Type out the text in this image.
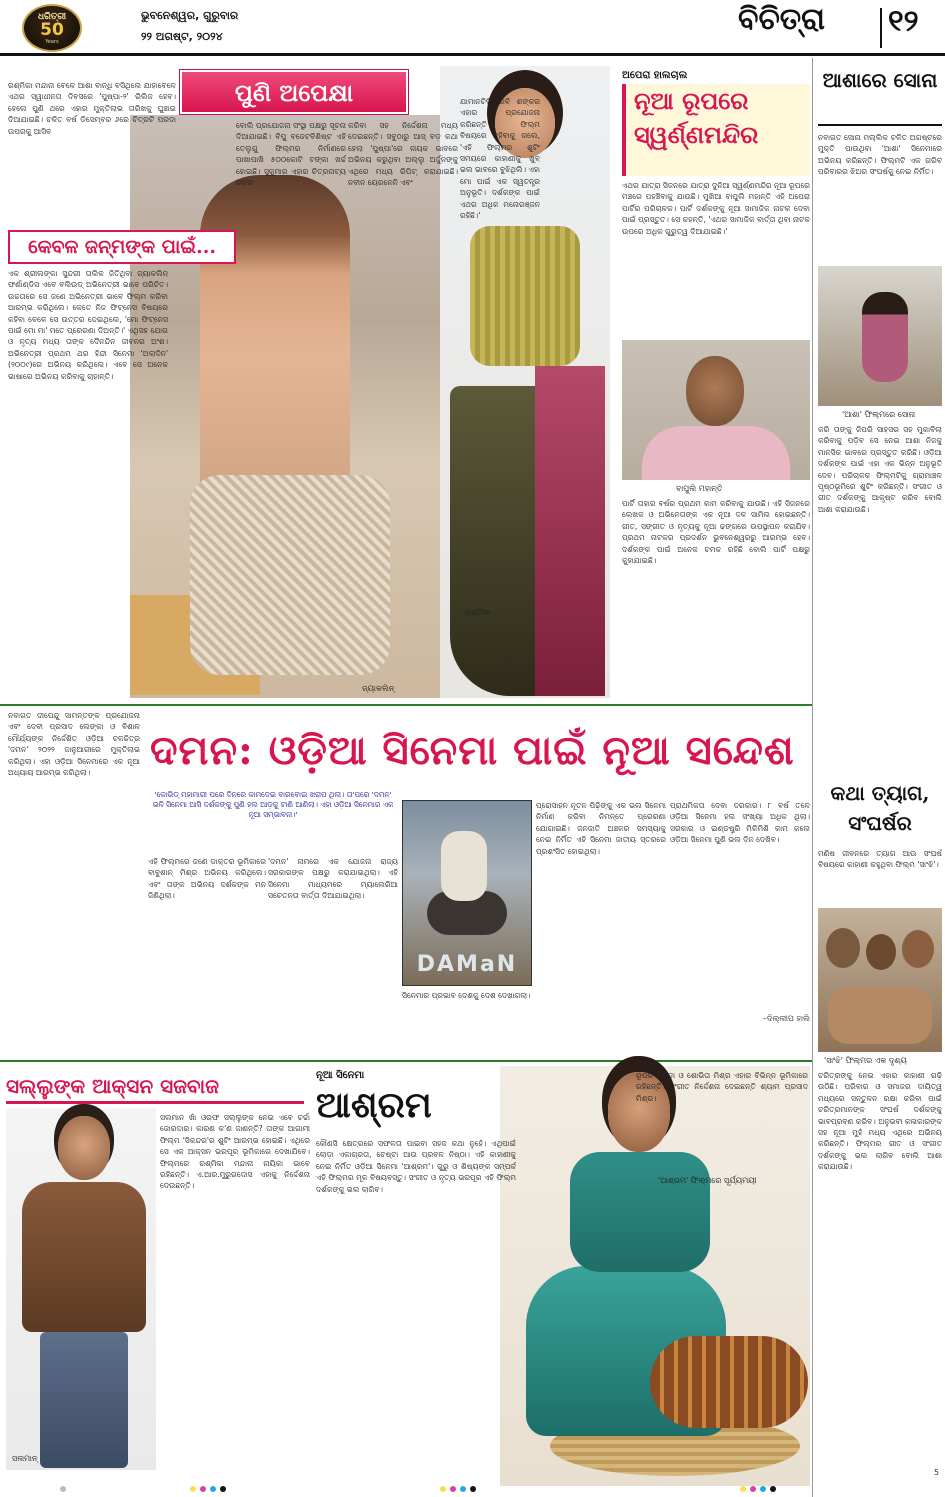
ଧରିତ୍ରୀ
50
Years
ଭୁବନେଶ୍ୱର, ଗୁରୁବାର
୨୨ ଅଗଷ୍ଟ, ୨୦୨୪	ବିଚିତ୍ରା ୧୨
ପୁଣି ଅପେକ୍ଷା
ରଶ୍ମିକା ମନ୍ଦାନା ବେଳେ ଆଶା ବାନ୍ଧି ବସିଥିଲେ ଯାହାବେଳେ ଏଥର ସ୍ୱାଧୀନତା ଦିବସରେ 'ପୁଷ୍ପା-୨' ରିଲିଜ ହେବ। ହେଲେ ପୁଣି ଥରେ ଏହାର ମୁକ୍ତିଲାଭ ତାରିଖକୁ ଘୁଞ୍ଚାଇ ଦିଆଯାଇଛି। ଚଳିତ ବର୍ଷ ଡିସେମ୍ବର ୬ରେ ଚିତ୍ରଟି ପରଦା ଉପରକୁ ଆସିବ
ବୋଲି ପ୍ରଯୋଜନା ସଂସ୍ଥା ପକ୍ଷରୁ ସୂଚନା ଦିଆଯାଇଛି। ବିପୁ ବଜେଟବିଶିଷ୍ଟ ଏହି ତେଲୁଗୁ ଫିଲ୍ମର ନିର୍ମାଣରେ ପାଖାପାଖି ୫୦୦କୋଟି ଟଙ୍କା ଖର୍ଚ୍ଚ ହୋଇଛି। ସୁକୁମାର ଏହାର ଚିତ୍ରନାଟ୍ୟ ରଚନା
କରିବା ସହ ନିର୍ଦ୍ଦେଶନା ମଧ୍ୟ ଦେଇଛନ୍ତି। ସବୁଠାରୁ ଆସ୍ ବଡ଼ କଥା ହେଲା 'ପୁଷ୍ପା'ରେ ନାୟକ ଭାବରେ ଅଭିନୟ କରୁଥିବା ଅଲ୍ଲୁ ଅର୍ଜୁନଙ୍କୁ ଏଥିରେ ମଧ୍ୟ ରିପିଟ୍ କରାଯାଇଛି। ନବୀନ ୟେରନେନି ଏବଂ
ଯାମାନଚିଲି ରବି ଶଙ୍କର ଏହାର ପ୍ରଯୋଜନା କରିଛନ୍ତି। ଫିଲ୍ମ ବିଷୟରେ କହିବାକୁ ଗଲେ, 'ଏହି ଫିଲ୍ମର ଶୁଟିଂ ସମୟରେ କାହାଣୀକୁ ଖୁବ୍ ଭଲ ଭାବରେ ବୁଝିଥିଲି। ଏହା ମୋ ପାଇଁ ଏକ ସ୍ୱତନ୍ତ୍ର ଅନୁଭୂତି। ଦର୍ଶକଙ୍କ ପାଇଁ ଏଥର ଅଧିକ ମନୋରଞ୍ଜନ ରହିଛି।'
କେବଳ ଜନ୍ମଙ୍କ ପାଇଁ...
ଏକ ଶ୍ରୀଲଙ୍କା ସୁନ୍ଦରୀ ତାଲିକ ଜିତିଥିବା ଜ୍ୟାକଲିନ୍ ଫର୍ଣାଣ୍ଡିସ ଏବେ ବଲିଉଡ୍ ଅଭିନେତ୍ରୀ ଭାବେ ପରିଚିତ। ଉଚ୍ଚତାରେ ସେ ଜଣେ ଅଭିନେତ୍ରୀ ଭାବେ ଫିଲ୍ମ କରିବା ଆରମ୍ଭ କରିଥିଲେ। କେତେ ନିଜ ଫିଟ୍ନେସ ବିଷୟରେ କହିବା ବେଳେ ସେ ଉତ୍ତର ଦେଇଥିଲେ, 'ମୋ ଫିଟ୍ନେସ ପାଇଁ ମୋ ମା' ମତେ ପ୍ରେରଣା ଦିଅନ୍ତି।' ଏଥିସହ ଯୋଗ ଓ ନୃତ୍ୟ ମଧ୍ୟ ତାଙ୍କ ଦୈନନ୍ଦିନ ଜୀବନର ଅଂଶ। ଅଭିନେତ୍ରୀ ପ୍ରଥମ ଥର ହିନ୍ଦୀ ସିନେମା 'ଅଲାଦିନ' (୨୦୦୯)ରେ ଅଭିନୟ କରିଥିଲେ। ଏବେ ସେ ଅନେକ ଭାଷାରେ ଅଭିନୟ କରିବାକୁ ଚାହାନ୍ତି।
ଜ୍ୟାକଲିନ୍
ରଶ୍ମିକା
ଅପେରା ହାଲଚାଲ
ନୂଆ ରୂପରେ ସ୍ୱର୍ଣ୍ଣମନ୍ଦିର
ଏଥର ଯାତ୍ରା ସିଜନରେ ଯାତ୍ରା ଦୁନିଆ ସ୍ୱର୍ଣ୍ଣମନ୍ଦିର ନୂଆ ରୂପରେ ମଞ୍ଚରେ ପହଞ୍ଚିବାକୁ ଯାଉଛି। ମୁଖିଆ ବାପୁଲି ମହାନ୍ତି ଏହି ଅପେରା ପାର୍ଟିର ପରିଚାଳକ। ପାର୍ଟି ଦର୍ଶକଙ୍କୁ ନୂଆ ସାମାଜିକ ନାଟକ ଦେବା ପାଇଁ ପ୍ରସ୍ତୁତ। ସେ କହନ୍ତି, 'ଏଥର ସାମାଜିକ ବାର୍ତ୍ତା ଥିବା ନାଟକ ଉପରେ ଅଧିକ ଗୁରୁତ୍ୱ ଦିଆଯାଇଛି।'
ବାପୁଲି ମହାନ୍ତି
ପାର୍ଟି ତାହାର ବର୍ଷର ପ୍ରଥମ କାମ କରିବାକୁ ଯାଉଛି। ଏହି ସିଜନରେ ଲେଖକ ଓ ଅଭିନେତାଙ୍କ ଏକ ନୂଆ ଦଳ ସାମିଲ ହୋଇଛନ୍ତି। ଗୀତ, ସଙ୍ଗୀତ ଓ ନୃତ୍ୟକୁ ନୂଆ ଢଙ୍ଗରେ ଉପସ୍ଥାପନ କରାଯିବ। ପ୍ରଥମ ନାଟକର ପ୍ରଦର୍ଶନ ଭୁବନେଶ୍ୱରରୁ ଆରମ୍ଭ ହେବ। ଦର୍ଶକଙ୍କ ପାଇଁ ଅନେକ ଚମକ ରହିଛି ବୋଲି ପାର୍ଟି ପକ୍ଷରୁ କୁହାଯାଇଛି।
ଆଶାରେ ସୋନା
ନବାଗତ ସୋନା ମଲ୍ଲିକ ଚଳିତ ଅଗଷ୍ଟରେ ମୁକ୍ତି ପାଉଥିବା 'ଆଶା' ସିନେମାରେ ଅଭିନୟ କରିଛନ୍ତି। ଫିଲ୍ମଟି ଏକ ଗରିବ ପରିବାରର ଝିଅର ସଂଘର୍ଷକୁ ନେଇ ନିର୍ମିତ।
'ଆଶା' ଫିଲ୍ମରେ ସୋନା
କରି ତାଙ୍କୁ ଜିପରି ସାହସର ସହ ମୁକାବିଲା କରିବାକୁ ପଡ଼ିବ ସେ ନେଇ ଆଶା ନିଜକୁ ମାନସିକ ଭାବରେ ପ୍ରସ୍ତୁତ କରିଛି। ଓଡ଼ିଆ ଦର୍ଶକଙ୍କ ପାଇଁ ଏହା ଏକ ଭିନ୍ନ ଅନୁଭୂତି ଦେବ। ପରିଚାଳକ ଫିଲ୍ମଟିକୁ ଗ୍ରାମାଞ୍ଚଳ ପୃଷ୍ଠଭୂମିରେ ଶୁଟିଂ କରିଛନ୍ତି। ସଂଗୀତ ଓ ଗୀତ ଦର୍ଶକଙ୍କୁ ଆକୃଷ୍ଟ କରିବ ବୋଲି ଆଶା କରାଯାଉଛି।
ନବାଗତ ଦୀପେନ୍ଦୁ ସାମନ୍ତଙ୍କ ପ୍ରଯୋଜନା ଏବଂ ଦେବୀ ପ୍ରସାଦ ଲେଙ୍କା ଓ ବିଶାଳ ମୌର୍ଯ୍ୟଙ୍କ ନିର୍ଦ୍ଦେଶିତ ଓଡ଼ିଆ ଚଳଚ୍ଚିତ୍ର 'ଦମନ' ୨୦୨୨ ଜାନୁଆରୀରେ ମୁକ୍ତିଲାଭ କରିଥିଲା। ଏହା ଓଡ଼ିଆ ସିନେମାରେ ଏକ ନୂଆ ଅଧ୍ୟାୟ ଆରମ୍ଭ କରିଥିଲା।	ଦମନ: ଓଡ଼ିଆ ସିନେମା ପାଇଁ ନୂଆ ସନ୍ଦେଶ
'କୋଭିଡ୍ ମହାମାରୀ ପରେ ଦିନରେ କାମଦେଇ ବାରବୋଇ ଖରାପ ଥିଲା। ତା'ପରେ 'ଦମନ' ଭଳି ସିନେମା ଆସି ଦର୍ଶକଙ୍କୁ ପୁଣି ହଲ ଆଡ଼କୁ ଟାଣି ଆଣିଲା। ଏହା ଓଡ଼ିଆ ସିନେମାର ଏକ ନୂଆ ସମ୍ଭାବନା।'
DAMaN
ଏହି ଫିଲ୍ମରେ ଜଣେ ଡାକ୍ତର ଭୂମିକାରେ ବାବୁଶାନ୍ ମିଶ୍ର ଅଭିନୟ କରିଥିଲେ। ଏବଂ ତାଙ୍କ ଅଭିନୟ ଦର୍ଶକଙ୍କ ମନ ଜିଣିଥିଲା।
'ଦମନ' ନାମରେ ଏକ ଯୋଜନା ରାଜ୍ୟ ସରକାରଙ୍କ ପକ୍ଷରୁ କରାଯାଇଥିଲା। ଏହି ସିନେମା ମାଧ୍ୟମରେ ମ୍ୟାଲେରିଆ ସଚେତନତା ବାର୍ତ୍ତା ଦିଆଯାଇଥିଲା।
ସିନେମାର ପ୍ରଭାବ ଦେଶକୁ ଦେଶ ଦେଖାଗଲା।
ପ୍ରୋସାହନ ନୂତନ ପିଢ଼ିଙ୍କୁ ଏକ ଭଲ ସିନେମା ନିର୍ମାଣ କରିବା ନିମନ୍ତେ ପ୍ରେରଣା ଯୋଗାଇଛି। ଜନଜାତି ଅଞ୍ଚଳର ସମସ୍ୟାକୁ ନେଇ ନିର୍ମିତ ଏହି ସିନେମା ଜାତୀୟ ସ୍ତରରେ ପ୍ରଶଂସିତ ହୋଇଥିଲା।
ପ୍ରାଥମିକତା ଦେବା ଦରକାର। ୮ ବର୍ଷ ତଳେ ଓଡ଼ିଆ ସିନେମା ହଲ ସଂଖ୍ୟା ଅଧିକ ଥିଲା। ସରକାର ଓ ଇଣ୍ଡଷ୍ଟ୍ରି ମିଳିମିଶି କାମ କଲେ ଓଡ଼ିଆ ସିନେମା ପୁଣି ଭଲ ଦିନ ଦେଖିବ।
–ଦିଲ୍ଲୀପ ହାଲି
କଥା ତ୍ୟାଗ, ସଂଘର୍ଷର
ମଣିଷ ଜୀବନରେ ତ୍ୟାଗ ଆଉ ସଂଘର୍ଷ ବିଷୟରେ କାହାଣୀ କହୁଥିବା ଫିଲ୍ମ 'ସାଂଝି'।
'ସାଂଝି' ଫିଲ୍ମର ଏକ ଦୃଶ୍ୟ
ଚରିତ୍ରଙ୍କୁ ନେଇ ଏହାର କାହାଣୀ ଗଢ଼ି ଉଠିଛି। ପରିବାର ଓ ସମାଜର ଦାୟିତ୍ୱ ମଧ୍ୟରେ ସନ୍ତୁଳନ ରକ୍ଷା କରିବା ପାଇଁ ଚରିତ୍ରମାନଙ୍କ ସଂଘର୍ଷ ଦର୍ଶକଙ୍କୁ ଭାବପ୍ରବଣ କରିବ। ଅନୁଭବୀ କଳାକାରଙ୍କ ସହ ନୂଆ ମୁହଁ ମଧ୍ୟ ଏଥିରେ ଅଭିନୟ କରିଛନ୍ତି। ଫିଲ୍ମର ଗୀତ ଓ ସଂଗୀତ ଦର୍ଶକଙ୍କୁ ଭଲ ଲାଗିବ ବୋଲି ଆଶା କରାଯାଉଛି।
ସଲ୍ଲୁଙ୍କ ଆକ୍ସନ ସଜବାଜ
ସଲମାନ୍
ସଲମାନ ଖାଁ ଓରଫ ସଲ୍ଲୁଙ୍କ ନେଇ ଏବେ ଚର୍ଚ୍ଚା ଜୋରଦାର। କାରଣ କ'ଣ ଜାଣନ୍ତି? ତାଙ୍କ ଆଗାମୀ ଫିଲ୍ମ 'ସିକନ୍ଦର'ର ଶୁଟିଂ ଆରମ୍ଭ ହୋଇଛି। ଏଥିରେ ସେ ଏକ ଆକ୍ସନ ଭରପୂର ଭୂମିକାରେ ଦେଖାଯିବେ। ଫିଲ୍ମରେ ରଶ୍ମିକା ମନ୍ଦାନା ନାୟିକା ଭାବେ ରହିଛନ୍ତି। ଏ.ଆର.ମୁରୁଗଦୋସ ଏହାକୁ ନିର୍ଦ୍ଦେଶନା ଦେଉଛନ୍ତି।
ନୂଆ ସିନେମା
ଆଶ୍ରମ
କୌଣସି କ୍ଷେତ୍ରରେ ସଫଳତା ପାଇବା ସହଜ କଥା ନୁହେଁ। ଏଥିପାଇଁ ଲୋଡ଼ା ଏକାଗ୍ରତା, ଚେଷ୍ଟା ଆଉ ପ୍ରବଳ ନିଷ୍ଠା। ଏହି କାହାଣୀକୁ ନେଇ ନିର୍ମିତ ଓଡ଼ିଆ ସିନେମା 'ଆଶ୍ରମ'। ଗୁରୁ ଓ ଶିଷ୍ୟଙ୍କ ସମ୍ପର୍କ ଏହି ଫିଲ୍ମର ମୂଳ ବିଷୟବସ୍ତୁ। ସଂଗୀତ ଓ ନୃତ୍ୟ ଭରପୂର ଏହି ଫିଲ୍ମ ଦର୍ଶକଙ୍କୁ ଭଲ ଲାଗିବ।
ରୂପକ ପରିଡ଼ା ଓ ଶୋଭିତା ମିଶ୍ର ଏହାର ବିଭିନ୍ନ ଭୂମିକାରେ ରହିଛନ୍ତି। ସଂଗୀତ ନିର୍ଦ୍ଦେଶନା ଦେଇଛନ୍ତି ଶ୍ୟାମ ପ୍ରସାଦ ମିଶ୍ର।
'ଆଶ୍ରମ' ଫିଲ୍ମରେ ସୂର୍ଯ୍ୟମୟୀ
5
